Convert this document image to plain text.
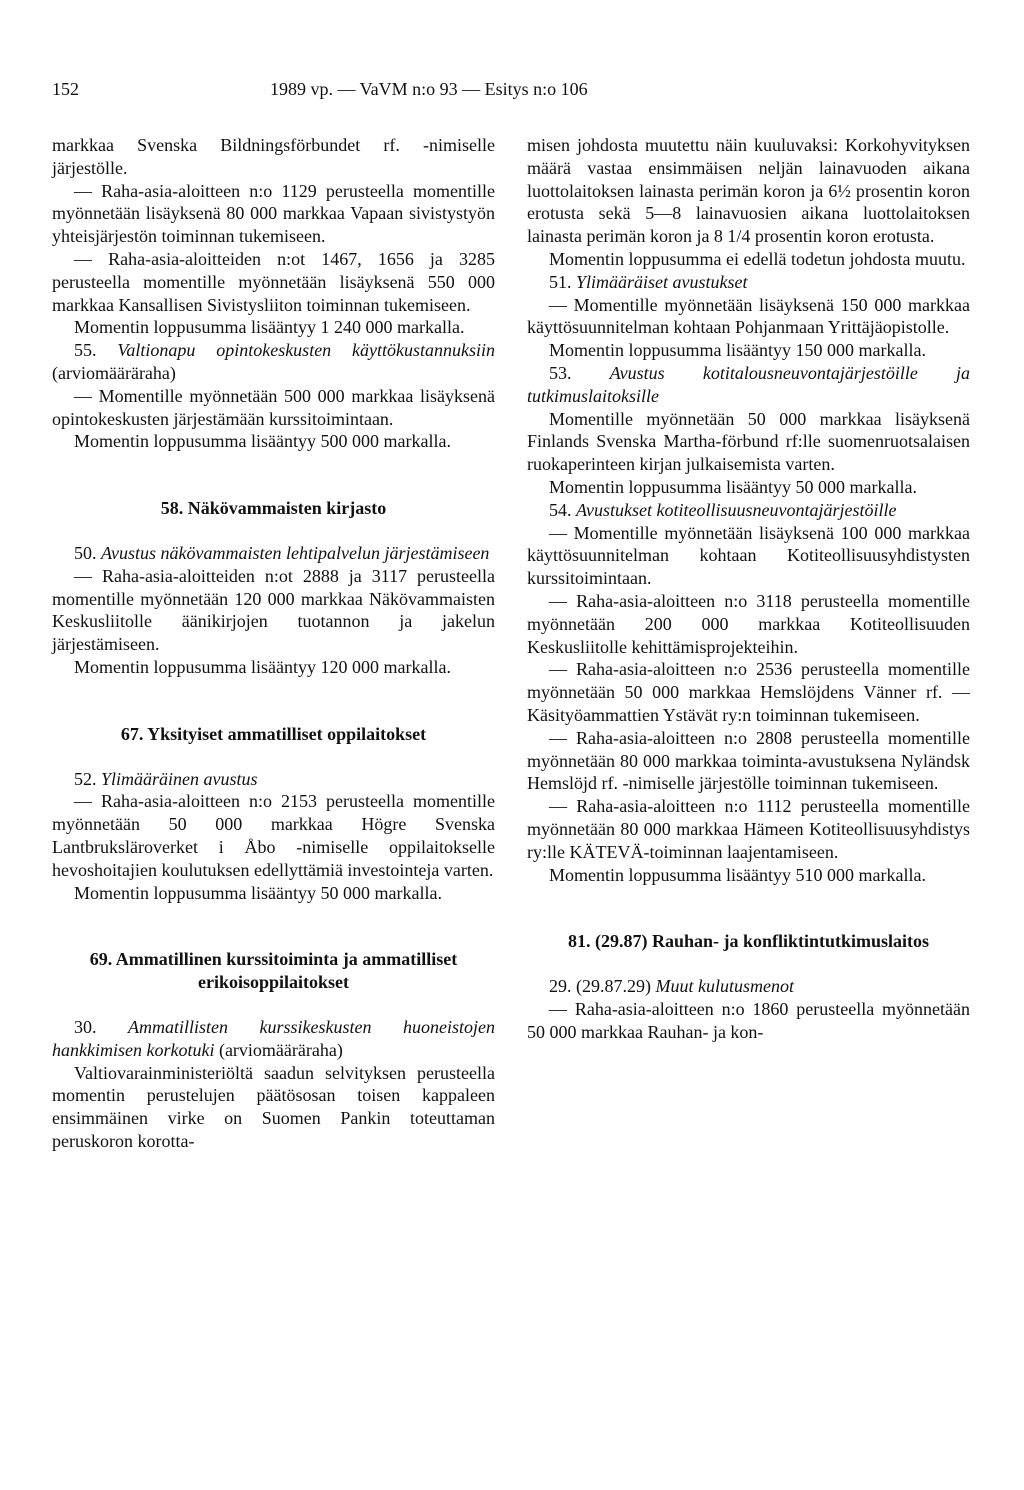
152	1989 vp. — VaVM n:o 93 — Esitys n:o 106

markkaa Svenska Bildningsförbundet rf. -nimiselle järjestölle.

— Raha-asia-aloitteen n:o 1129 perusteella momentille myönnetään lisäyksenä 80 000 markkaa Vapaan sivistystyön yhteisjärjestön toiminnan tukemiseen.

— Raha-asia-aloitteiden n:ot 1467, 1656 ja 3285 perusteella momentille myönnetään lisäyksenä 550 000 markkaa Kansallisen Sivistysliiton toiminnan tukemiseen.

Momentin loppusumma lisääntyy 1 240 000 markalla.

55. Valtionapu opintokeskusten käyttökustannuksiin (arviomääräraha)

— Momentille myönnetään 500 000 markkaa lisäyksenä opintokeskusten järjestämään kurssitoimintaan.

Momentin loppusumma lisääntyy 500 000 markalla.

58. Näkövammaisten kirjasto

50. Avustus näkövammaisten lehtipalvelun järjestämiseen

— Raha-asia-aloitteiden n:ot 2888 ja 3117 perusteella momentille myönnetään 120 000 markkaa Näkövammaisten Keskusliitolle äänikirjojen tuotannon ja jakelun järjestämiseen.

Momentin loppusumma lisääntyy 120 000 markalla.

67. Yksityiset ammatilliset oppilaitokset

52. Ylimääräinen avustus

— Raha-asia-aloitteen n:o 2153 perusteella momentille myönnetään 50 000 markkaa Högre Svenska Lantbruksläroverket i Åbo -nimiselle oppilaitokselle hevoshoitajien koulutuksen edellyttämiä investointeja varten.

Momentin loppusumma lisääntyy 50 000 markalla.

69. Ammatillinen kurssitoiminta ja ammatilliset erikoisoppilaitokset

30. Ammatillisten kurssikeskusten huoneistojen hankkimisen korkotuki (arviomääräraha)

Valtiovarainministeriöltä saadun selvityksen perusteella momentin perustelujen päätösosan toisen kappaleen ensimmäinen virke on Suomen Pankin toteuttaman peruskoron korotta-

misen johdosta muutettu näin kuuluvaksi: Korkohyvityksen määrä vastaa ensimmäisen neljän lainavuoden aikana luottolaitoksen lainasta perimän koron ja 6½ prosentin koron erotusta sekä 5—8 lainavuosien aikana luottolaitoksen lainasta perimän koron ja 8 1/4 prosentin koron erotusta.

Momentin loppusumma ei edellä todetun johdosta muutu.

51. Ylimääräiset avustukset

— Momentille myönnetään lisäyksenä 150 000 markkaa käyttösuunnitelman kohtaan Pohjanmaan Yrittäjäopistolle.

Momentin loppusumma lisääntyy 150 000 markalla.

53. Avustus kotitalousneuvontajärjestöille ja tutkimuslaitoksille

Momentille myönnetään 50 000 markkaa lisäyksenä Finlands Svenska Martha-förbund rf:lle suomenruotsalaisen ruokaperinteen kirjan julkaisemista varten.

Momentin loppusumma lisääntyy 50 000 markalla.

54. Avustukset kotiteollisuusneuvontajärjestöille

— Momentille myönnetään lisäyksenä 100 000 markkaa käyttösuunnitelman kohtaan Kotiteollisuusyhdistysten kurssitoimintaan.

— Raha-asia-aloitteen n:o 3118 perusteella momentille myönnetään 200 000 markkaa Kotiteollisuuden Keskusliitolle kehittämisprojekteihin.

— Raha-asia-aloitteen n:o 2536 perusteella momentille myönnetään 50 000 markkaa Hemslöjdens Vänner rf. — Käsityöammattien Ystävät ry:n toiminnan tukemiseen.

— Raha-asia-aloitteen n:o 2808 perusteella momentille myönnetään 80 000 markkaa toiminta-avustuksena Nyländsk Hemslöjd rf. -nimiselle järjestölle toiminnan tukemiseen.

— Raha-asia-aloitteen n:o 1112 perusteella momentille myönnetään 80 000 markkaa Hämeen Kotiteollisuusyhdistys ry:lle KÄTEVÄ-toiminnan laajentamiseen.

Momentin loppusumma lisääntyy 510 000 markalla.

81. (29.87) Rauhan- ja konfliktintutkimuslaitos

29. (29.87.29) Muut kulutusmenot

— Raha-asia-aloitteen n:o 1860 perusteella myönnetään 50 000 markkaa Rauhan- ja kon-
